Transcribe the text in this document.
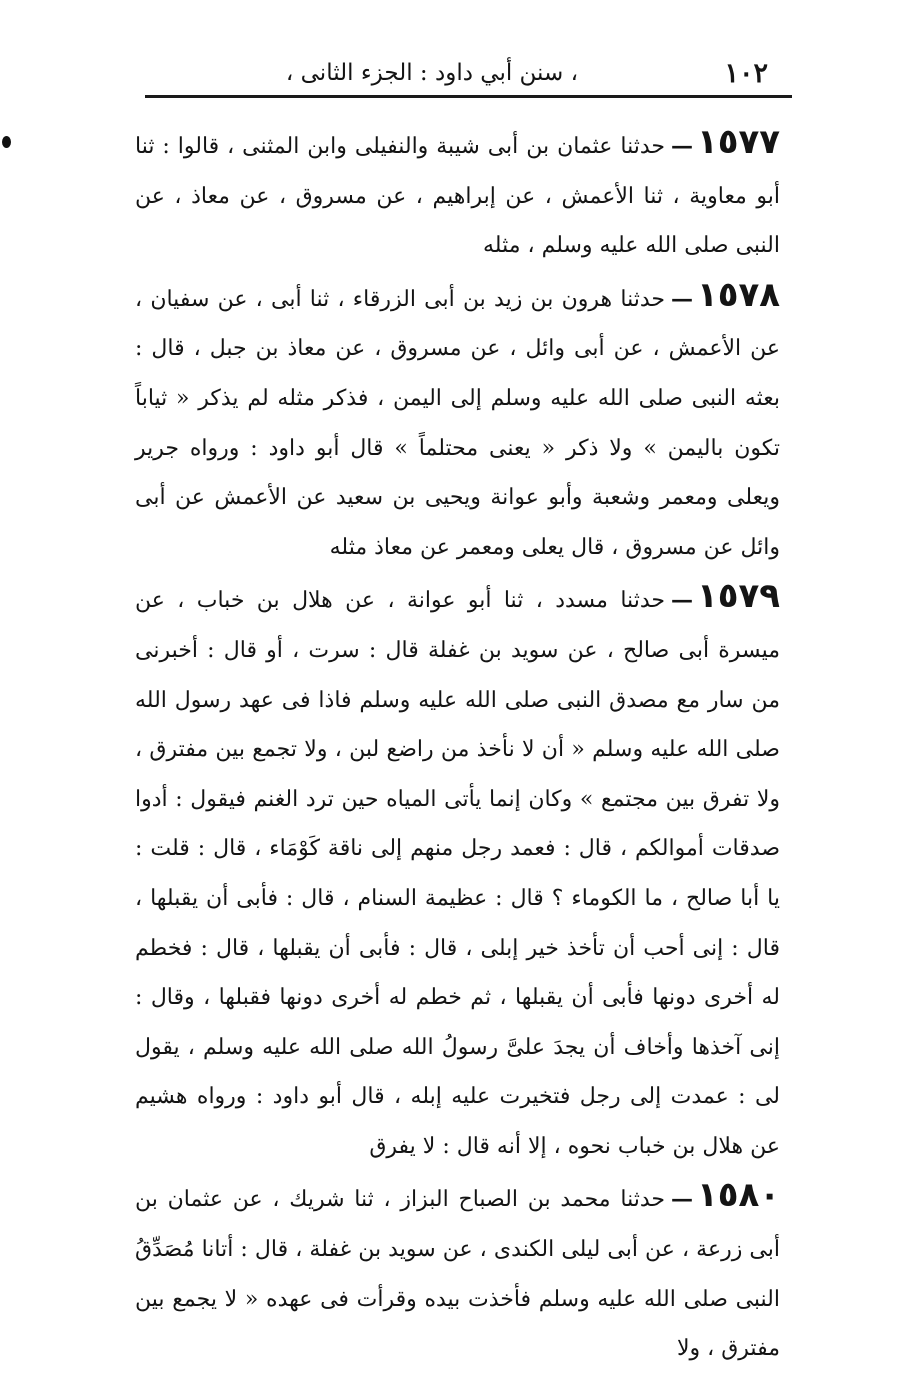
١٠٢
، سنن أبي داود : الجزء الثانى ،

١٥٧٧—حدثنا عثمان بن أبى شيبة والنفيلى وابن المثنى ، قالوا : ثنا أبو معاوية ، ثنا الأعمش ، عن إبراهيم ، عن مسروق ، عن معاذ ، عن النبى صلى الله عليه وسلم ، مثله

١٥٧٨—حدثنا هرون بن زيد بن أبى الزرقاء ، ثنا أبى ، عن سفيان ، عن الأعمش ، عن أبى وائل ، عن مسروق ، عن معاذ بن جبل ، قال : بعثه النبى صلى الله عليه وسلم إلى اليمن ، فذكر مثله لم يذكر « ثياباً تكون باليمن » ولا ذكر « يعنى محتلماً » قال أبو داود : ورواه جرير ويعلى ومعمر وشعبة وأبو عوانة ويحيى بن سعيد عن الأعمش عن أبى وائل عن مسروق ، قال يعلى ومعمر عن معاذ مثله

١٥٧٩—حدثنا مسدد ، ثنا أبو عوانة ، عن هلال بن خباب ، عن ميسرة أبى صالح ، عن سويد بن غفلة قال : سرت ، أو قال : أخبرنى من سار مع مصدق النبى صلى الله عليه وسلم فاذا فى عهد رسول الله صلى الله عليه وسلم « أن لا نأخذ من راضع لبن ، ولا تجمع بين مفترق ، ولا تفرق بين مجتمع » وكان إنما يأتى المياه حين ترد الغنم فيقول : أدوا صدقات أموالكم ، قال : فعمد رجل منهم إلى ناقة كَوْمَاء ، قال : قلت : يا أبا صالح ، ما الكوماء ؟ قال : عظيمة السنام ، قال : فأبى أن يقبلها ، قال : إنى أحب أن تأخذ خير إبلى ، قال : فأبى أن يقبلها ، قال : فخطم له أخرى دونها فأبى أن يقبلها ، ثم خطم له أخرى دونها فقبلها ، وقال : إنى آخذها وأخاف أن يجدَ علىَّ رسولُ الله صلى الله عليه وسلم ، يقول لى : عمدت إلى رجل فتخيرت عليه إبله ، قال أبو داود : ورواه هشيم عن هلال بن خباب نحوه ، إلا أنه قال : لا يفرق

١٥٨٠—حدثنا محمد بن الصباح البزاز ، ثنا شريك ، عن عثمان بن أبى زرعة ، عن أبى ليلى الكندى ، عن سويد بن غفلة ، قال : أتانا مُصَدِّقُ النبى صلى الله عليه وسلم فأخذت بيده وقرأت فى عهده « لا يجمع بين مفترق ، ولا
